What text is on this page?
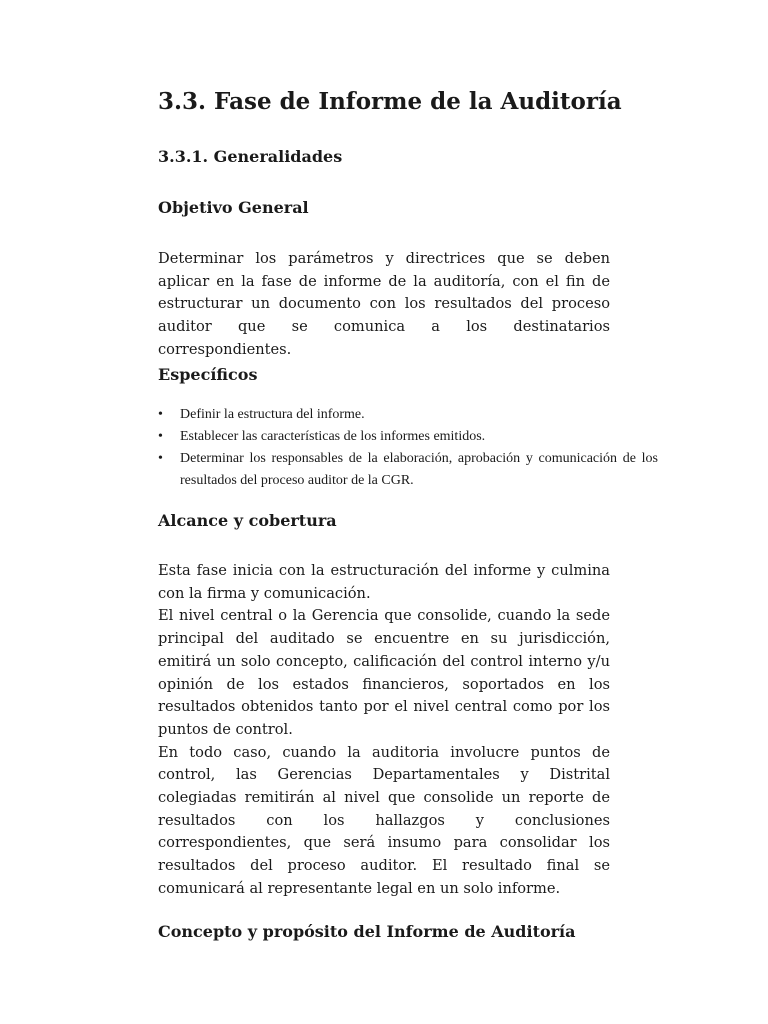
3.3. Fase de Informe de la Auditoría
3.3.1. Generalidades
Objetivo General

Determinar los parámetros y directrices que se deben aplicar en la fase de informe de la auditoría, con el fin de estructurar un documento con los resultados del proceso auditor que se comunica a los destinatarios correspondientes.

Específicos
•	Definir la estructura del informe.
•	Establecer las características de los informes emitidos.
•	Determinar los responsables de la elaboración, aprobación y comunicación de los resultados del proceso auditor de la CGR.
Alcance y cobertura

Esta fase inicia con la estructuración del informe y culmina con la firma y comunicación.

El nivel central o la Gerencia que consolide, cuando la sede principal del auditado se encuentre en su jurisdicción, emitirá un solo concepto, calificación del control interno y/u opinión de los estados financieros, soportados en los resultados obtenidos tanto por el nivel central como por los puntos de control.

En todo caso, cuando la auditoria involucre puntos de control, las Gerencias Departamentales y Distrital colegiadas remitirán al nivel que consolide un reporte de resultados con los hallazgos y conclusiones correspondientes, que será insumo para consolidar los resultados del proceso auditor. El resultado final se comunicará al representante legal en un solo informe.

Concepto y propósito del Informe de Auditoría
